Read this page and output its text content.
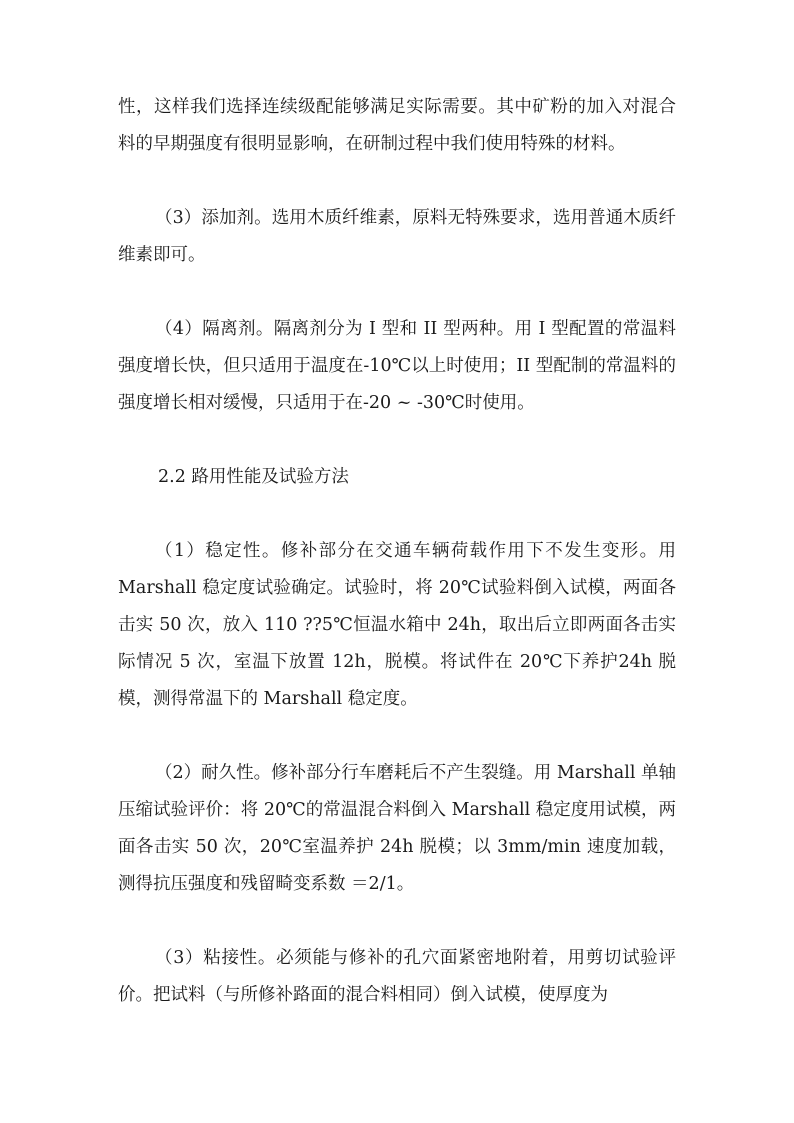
性，这样我们选择连续级配能够满足实际需要。其中矿粉的加入对混合料的早期强度有很明显影响，在研制过程中我们使用特殊的材料。

（3）添加剂。选用木质纤维素，原料无特殊要求，选用普通木质纤维素即可。

（4）隔离剂。隔离剂分为 I 型和 II 型两种。用 I 型配置的常温料强度增长快，但只适用于温度在-10℃以上时使用；II 型配制的常温料的强度增长相对缓慢，只适用于在-20 ~ -30℃时使用。

2.2 路用性能及试验方法

（1）稳定性。修补部分在交通车辆荷载作用下不发生变形。用 Marshall 稳定度试验确定。试验时，将 20℃试验料倒入试模，两面各击实 50 次，放入 110 ??5℃恒温水箱中 24h，取出后立即两面各击实际情况 5 次，室温下放置 12h，脱模。将试件在 20℃下养护24h 脱模，测得常温下的 Marshall 稳定度。

（2）耐久性。修补部分行车磨耗后不产生裂缝。用 Marshall 单轴压缩试验评价：将 20℃的常温混合料倒入 Marshall 稳定度用试模，两面各击实 50 次，20℃室温养护 24h 脱模；以 3mm/min 速度加载，测得抗压强度和残留畸变系数 ＝2/1。

（3）粘接性。必须能与修补的孔穴面紧密地附着，用剪切试验评价。把试料（与所修补路面的混合料相同）倒入试模，使厚度为
